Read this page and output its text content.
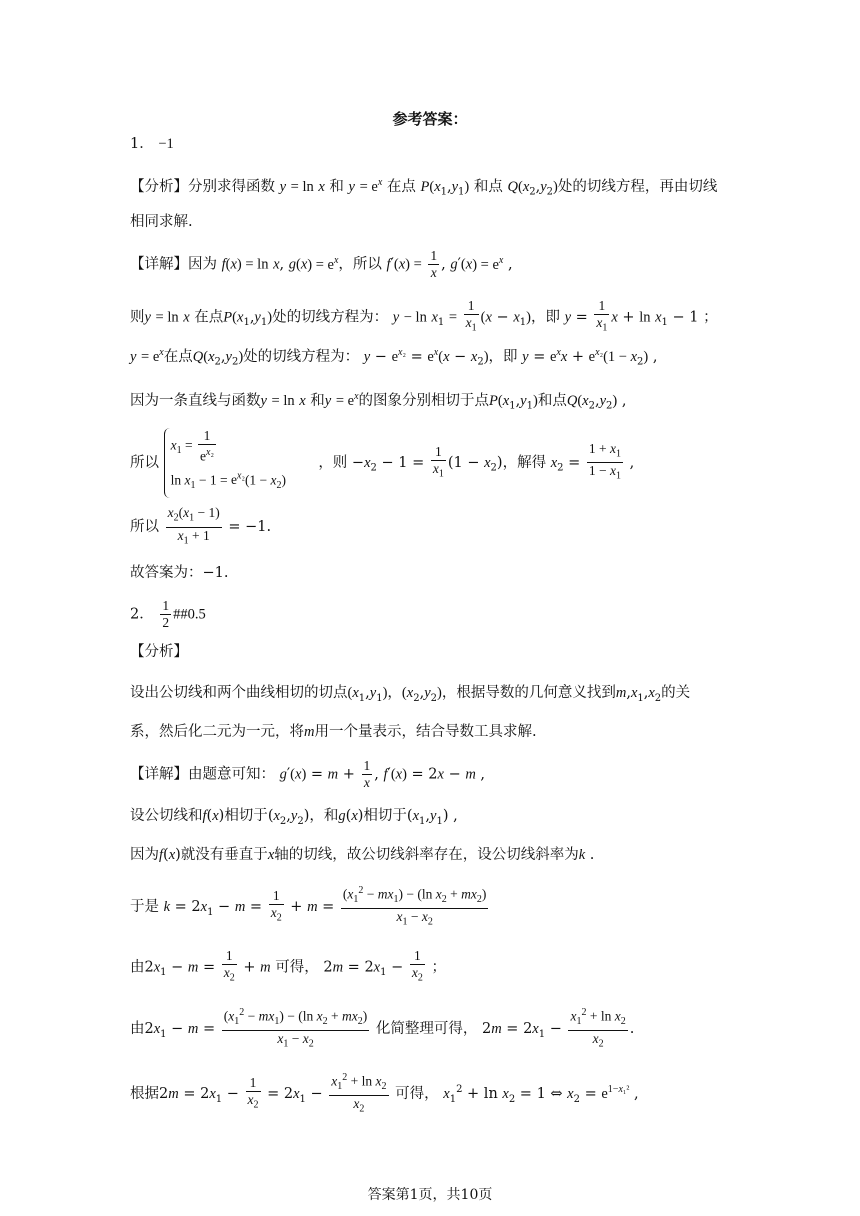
参考答案：
1． −1
【分析】分别求得函数 y = ln x 和 $y = e^x$ 在点 $P(x_1,y_1)$ 和点 $Q(x_2,y_2)$处的切线方程，再由切线
相同求解.
【详解】因为 f(x) = ln x, $g(x) = e^x$，所以 $f'(x) = \frac{1}{x}$ , $g'(x) = e^x$ ,
则y = ln x 在点$P(x_1,y_1)$处的切线方程为： $y - \ln x_1 = \frac{1}{x_1} (x - x_1)$，即 $y = \frac{1}{x_1}$ $x + \ln x_1 - 1$ ；
$y = e^x$在点$Q(x_2,y_2)$处的切线方程为： $y - e^{x_2} = e^x(x - x_2)$，即 $y = e^xx + e^{x_2}(1 - x_2)$ ,
因为一条直线与函数y = ln x 和$y = e^x$的图象分别相切于点$P(x_1,y_1)$和点$Q(x_2,y_2)$ ,
所以
$x_1 = \frac{1}{e^{x_2}}$
$\ln x_1 - 1 = e^{x_2}(1 - x_2)$
，则 $-x_2 - 1 = \frac{1}{x_1} (1 - x_2)$，解得 $x_2 = \frac{1 + x_1}{1 - x_1}$ ,
所以 $\frac{x_2(x_1 - 1)}{x_1 + 1} = -1$.
故答案为：−1.
2． $\frac{1}{2}$ ##0.5
【分析】
设出公切线和两个曲线相切的切点$(x_1,y_1)$，$(x_2,y_2)$，根据导数的几何意义找到$m,x_1,x_2$的关
系，然后化二元为一元，将m用一个量表示，结合导数工具求解.
【详解】由题意可知： $g'(x) = m + \frac{1}{x}$ , f′(x) = 2x − m ,
设公切线和f(x)相切于$(x_2,y_2)$，和g(x)相切于$(x_1,y_1)$ ,
因为f(x)就没有垂直于x轴的切线，故公切线斜率存在，设公切线斜率为k .
于是 $k = 2x_1 - m = \frac{1}{x_2} + m = \frac{(x_1^2 - mx_1) - (\ln x_2 + mx_2)}{x_1 - x_2}$
由$2x_1 - m = \frac{1}{x_2} + m$ 可得， $2m = 2x_1 - \frac{1}{x_2}$ ；
由$2x_1 - m = \frac{(x_1^2 - mx_1) - (\ln x_2 + mx_2)}{x_1 - x_2}$ 化简整理可得， $2m = 2x_1 - \frac{x_1^2 + \ln x_2}{x_2}$ .
根据$2m = 2x_1 - \frac{1}{x_2} = 2x_1 - \frac{x_1^2 + \ln x_2}{x_2}$ 可得， $x_1^2 + \ln x_2 = 1$ ⇔ $x_2 = e^{1-x_1^2}$ ,
答案第1页，共10页
